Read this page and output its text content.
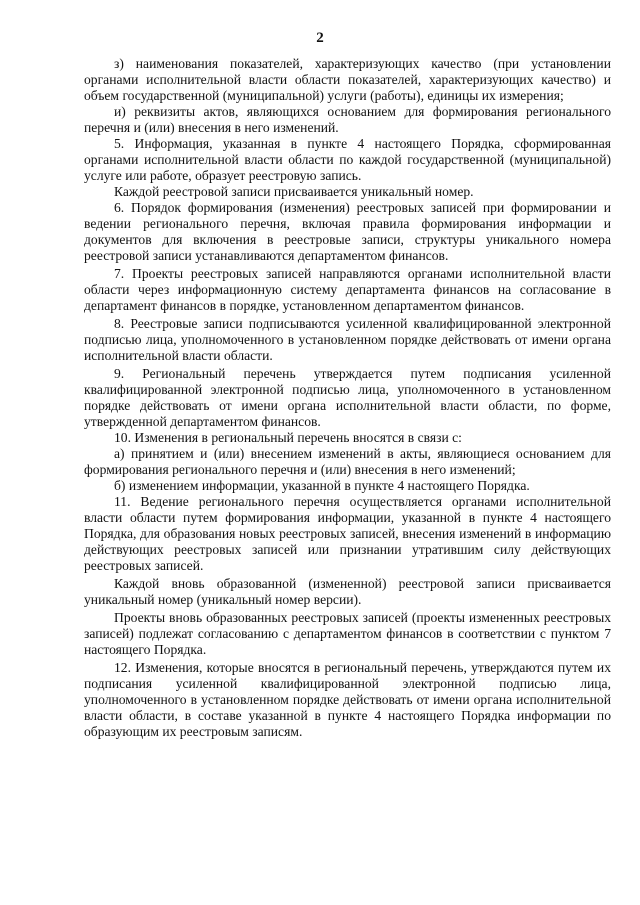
2

з) наименования показателей, характеризующих качество (при установлении органами исполнительной власти области показателей, характеризующих качество) и объем государственной (муниципальной) услуги (работы), единицы их измерения;

и) реквизиты актов, являющихся основанием для формирования регионального перечня и (или) внесения в него изменений.

5. Информация, указанная в пункте 4 настоящего Порядка, сформированная органами исполнительной власти области по каждой государственной (муниципальной) услуге или работе, образует реестровую запись.

Каждой реестровой записи присваивается уникальный номер.

6. Порядок формирования (изменения) реестровых записей при формировании и ведении регионального перечня, включая правила формирования информации и документов для включения в реестровые записи, структуры уникального номера реестровой записи устанавливаются департаментом финансов.

7. Проекты реестровых записей направляются органами исполнительной власти области через информационную систему департамента финансов на согласование в департамент финансов в порядке, установленном департаментом финансов.

8. Реестровые записи подписываются усиленной квалифицированной электронной подписью лица, уполномоченного в установленном порядке действовать от имени органа исполнительной власти области.

9. Региональный перечень утверждается путем подписания усиленной квалифицированной электронной подписью лица, уполномоченного в установленном порядке действовать от имени органа исполнительной власти области, по форме, утвержденной департаментом финансов.

10. Изменения в региональный перечень вносятся в связи с:

а) принятием и (или) внесением изменений в акты, являющиеся основанием для формирования регионального перечня и (или) внесения в него изменений;

б) изменением информации, указанной в пункте 4 настоящего Порядка.

11. Ведение регионального перечня осуществляется органами исполнительной власти области путем формирования информации, указанной в пункте 4 настоящего Порядка, для образования новых реестровых записей, внесения изменений в информацию действующих реестровых записей или признании утратившим силу действующих реестровых записей.

Каждой вновь образованной (измененной) реестровой записи присваивается уникальный номер (уникальный номер версии).

Проекты вновь образованных реестровых записей (проекты измененных реестровых записей) подлежат согласованию с департаментом финансов в соответствии с пунктом 7 настоящего Порядка.

12. Изменения, которые вносятся в региональный перечень, утверждаются путем их подписания усиленной квалифицированной электронной подписью лица, уполномоченного в установленном порядке действовать от имени органа исполнительной власти области, в составе указанной в пункте 4 настоящего Порядка информации по образующим их реестровым записям.
